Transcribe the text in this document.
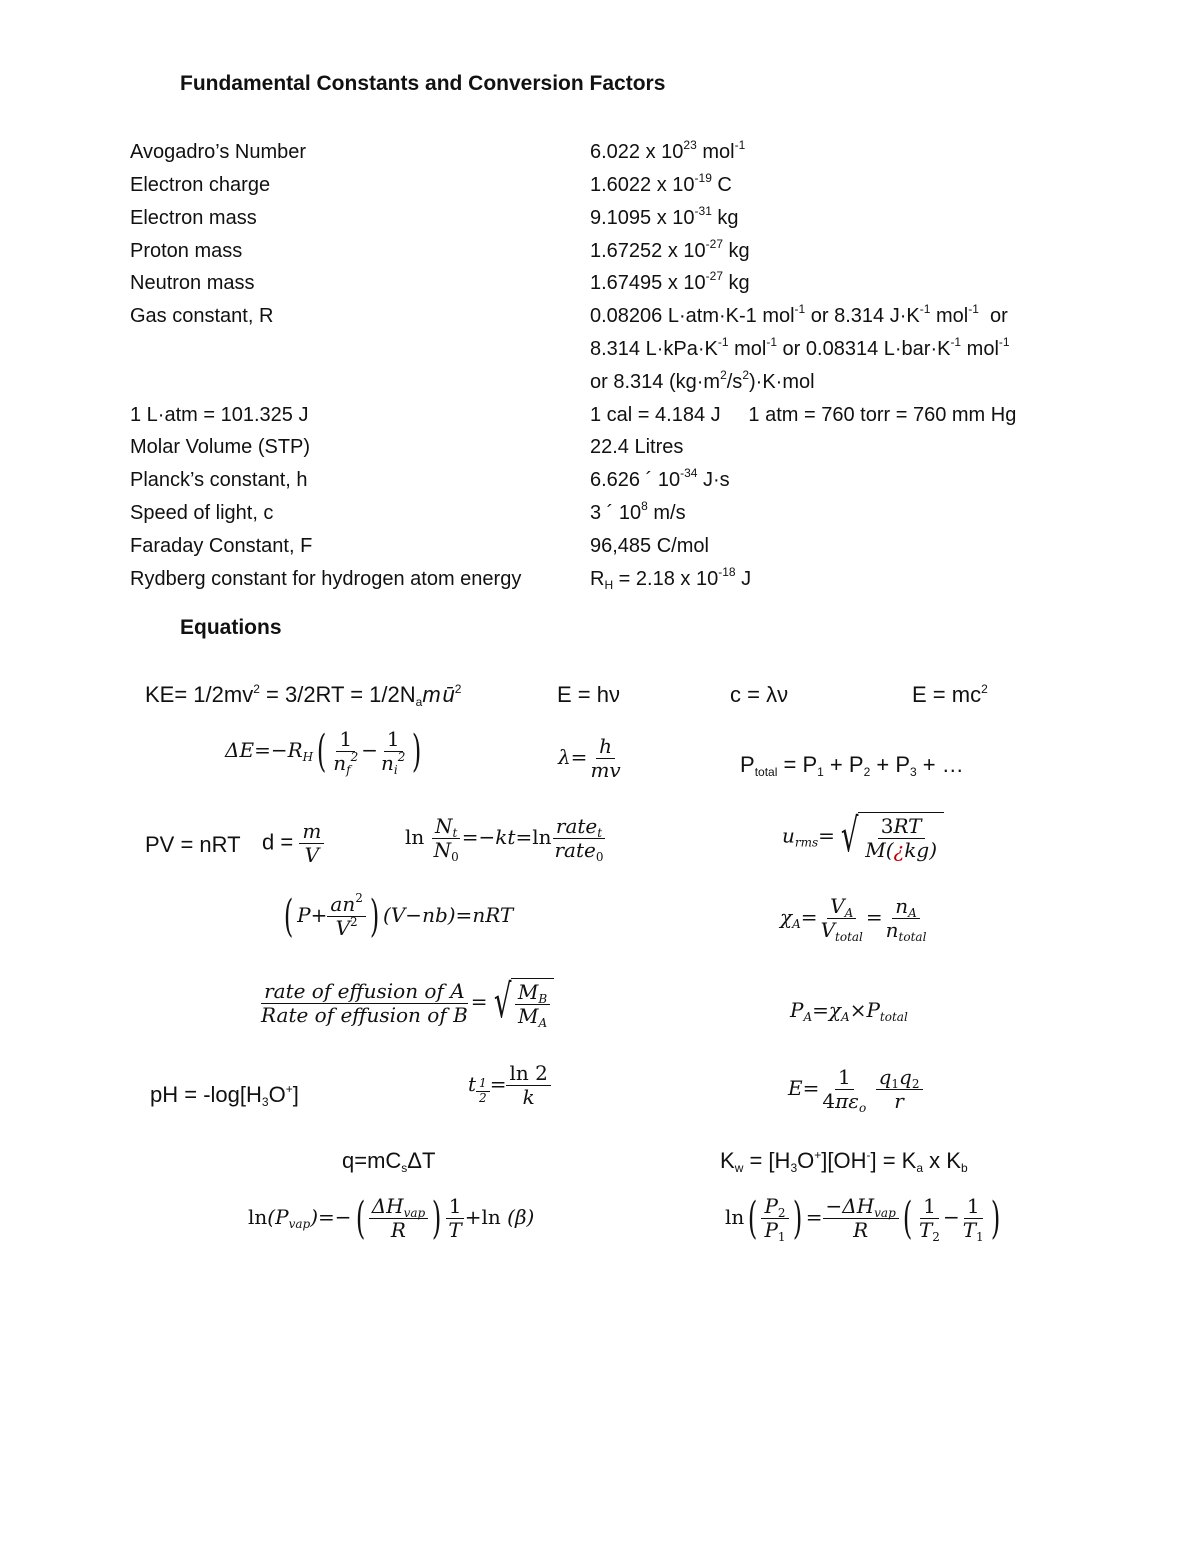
Fundamental Constants and Conversion Factors
Avogadro’s Number	6.022 x $10^{23}$ mol$^{-1}$
Electron charge	1.6022 x $10^{-19}$ C
Electron mass	9.1095 x $10^{-31}$ kg
Proton mass	1.67252 x $10^{-27}$ kg
Neutron mass	1.67495 x $10^{-27}$ kg
Gas constant, R	0.08206 L·atm·K-1 mol$^{-1}$ or 8.314 $J\cdot K^{-1}$ mol$^{-1}$  or
8.314 $L\cdot kPa\cdot K^{-1}$ mol$^{-1}$ or 0.08314 $L\cdot bar\cdot K^{-1}$ mol$^{-1}$
or 8.314 $(kg\cdot m^2/s^2)\cdot K\cdot mol$
1 L·atm = 101.325 J	1 cal = 4.184 J     1 atm = 760 torr = 760 mm Hg
Molar Volume (STP)	22.4 Litres
Planck’s constant, h	6.626 ´ $10^{-34}$ J·s
Speed of light, c	3 ´ $10^8$ m/s
Faraday Constant, F	96,485 C/mol
Rydberg constant for hydrogen atom energy	$R_H = 2.18$ x $10^{-18}$ J
Equations
$KE= 1/2mv^2 = 3/2RT = 1/2N_am$ ū$^2$	E = hν	c = λν	$E = mc^2$
$\Delta E=-R_H( \frac{1}{n_f^2} - \frac{1}{n_i^2}$ )	$\lambda= \frac{h}{mv}$	$P_{total} = P_1 + P_2 + P_3$ + …
PV = nRT $d = \frac{m}{V}$	$\ln \frac{N_t}{N_0} =-kt=\ln \frac{rate_t}{rate_0}$	$u_{rms}=$ √ $\frac{3RT}{M(¿kg)}$
( $P+ \frac{an^2}{V^2}$ ) (V−nb)=nRT	$\chi_A= \frac{V_A}{V_{total}} = \frac{n_A}{n_{total}}$
$\frac{\text{rate of effusion of A}}{\text{Rate of effusion of B}}$ = √ $\frac{M_B}{M_A}$	$P_A=\chi_A\times P_{total}$
pH = $-\log[H_3O^+]$	t $_{\frac{1}{2}} = \frac{\ln 2}{k}$	$E= \frac{1}{4\pi\varepsilon_o}$
$\frac{q_1q_2}{r}$
$q=mC_s\Delta T$	$K_w = [H_3O^+][OH^-] = K_a$ x $K_b$
$\ln(P_{vap})=-( \frac{\Delta H_{vap}}{R}$ ) $\frac{1}{T} +\ln$ (β)	$\ln( \frac{P_2}{P_1}$ ) = $\frac{-\Delta H_{vap}}{R}$ ( $\frac{1}{T_2} - \frac{1}{T_1}$ )
